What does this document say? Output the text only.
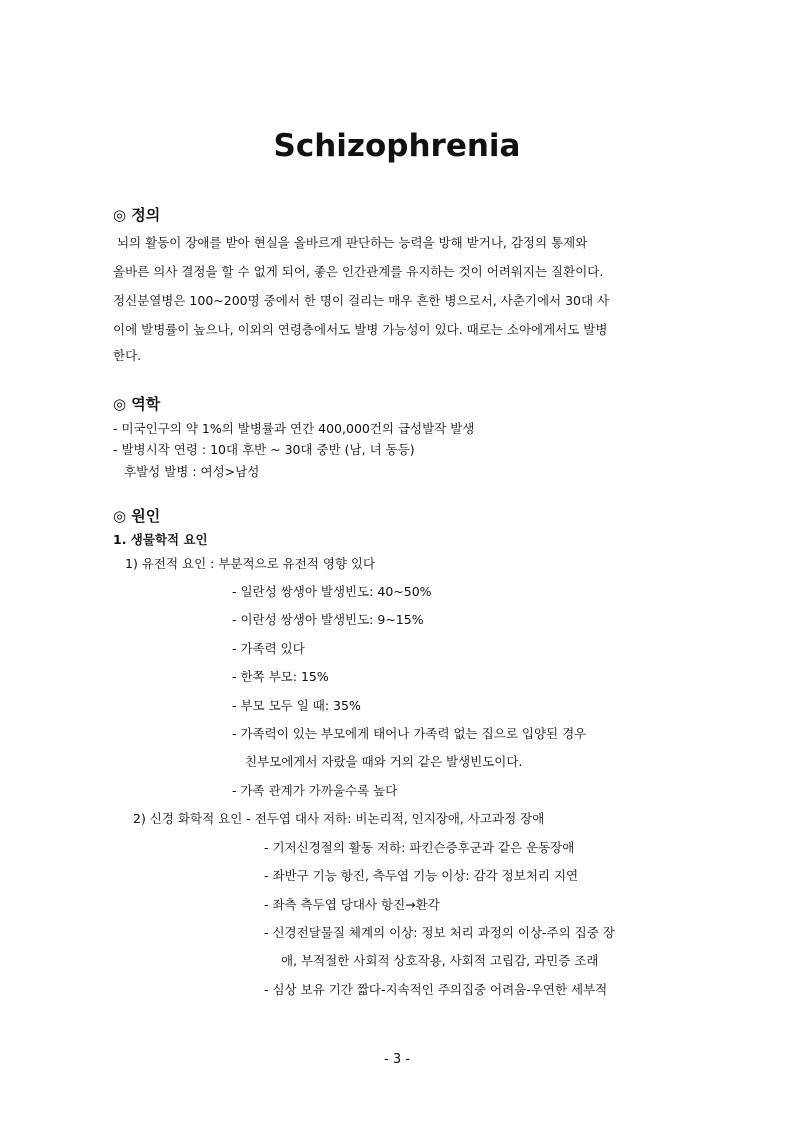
Schizophrenia
◎ 정의
뇌의 활동이 장애를 받아 현실을 올바르게 판단하는 능력을 방해 받거나, 감정의 통제와
올바른 의사 결정을 할 수 없게 되어, 좋은 인간관계를 유지하는 것이 어려워지는 질환이다.
정신분열병은 100~200명 중에서 한 명이 걸리는 매우 흔한 병으로서, 사춘기에서 30대 사
이에 발병률이 높으나, 이외의 연령층에서도 발병 가능성이 있다. 때로는 소아에게서도 발병
한다.
◎ 역학
- 미국인구의 약 1%의 발병률과 연간 400,000건의 급성발작 발생
- 발병시작 연령 : 10대 후반 ~ 30대 중반 (남, 녀 동등)
후발성 발병 : 여성>남성
◎ 원인
1. 생물학적 요인
1) 유전적 요인 : 부분적으로 유전적 영향 있다
- 일란성 쌍생아 발생빈도: 40~50%
- 이란성 쌍생아 발생빈도: 9~15%
- 가족력 있다
- 한쪽 부모: 15%
- 부모 모두 일 때: 35%
- 가족력이 있는 부모에게 태어나 가족력 없는 집으로 입양된 경우
친부모에게서 자랐을 때와 거의 같은 발생빈도이다.
- 가족 관계가 가까울수록 높다
2) 신경 화학적 요인 - 전두엽 대사 저하: 비논리적, 인지장애, 사고과정 장애
- 기저신경절의 활동 저하: 파킨슨증후군과 같은 운동장애
- 좌반구 기능 항진, 측두엽 기능 이상: 감각 정보처리 지연
- 좌측 측두엽 당대사 항진→환각
- 신경전달물질 체계의 이상: 정보 처리 과정의 이상-주의 집중 장
애, 부적절한 사회적 상호작용, 사회적 고립감, 과민증 조래
- 심상 보유 기간 짧다-지속적인 주의집중 어려움-우연한 세부적
- 3 -
